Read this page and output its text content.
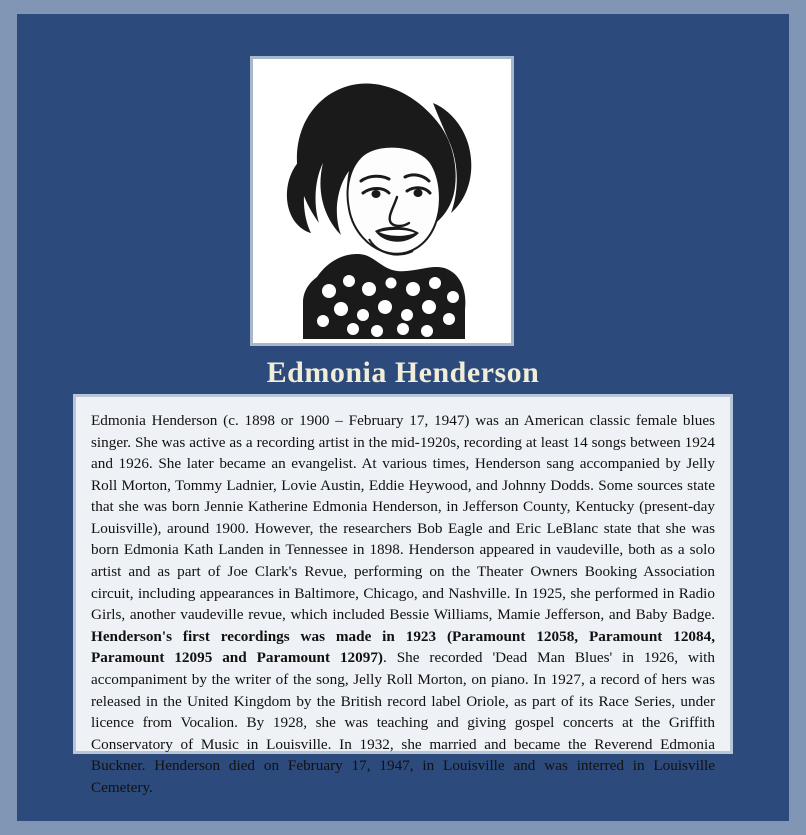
Edmonia Henderson

Edmonia Henderson (c. 1898 or 1900 – February 17, 1947) was an American classic female blues singer. She was active as a recording artist in the mid-1920s, recording at least 14 songs between 1924 and 1926. She later became an evangelist. At various times, Henderson sang accompanied by Jelly Roll Morton, Tommy Ladnier, Lovie Austin, Eddie Heywood, and Johnny Dodds. Some sources state that she was born Jennie Katherine Edmonia Henderson, in Jefferson County, Kentucky (present-day Louisville), around 1900. However, the researchers Bob Eagle and Eric LeBlanc state that she was born Edmonia Kath Landen in Tennessee in 1898. Henderson appeared in vaudeville, both as a solo artist and as part of Joe Clark's Revue, performing on the Theater Owners Booking Association circuit, including appearances in Baltimore, Chicago, and Nashville. In 1925, she performed in Radio Girls, another vaudeville revue, which included Bessie Williams, Mamie Jefferson, and Baby Badge. Henderson's first recordings was made in 1923 (Paramount 12058, Paramount 12084, Paramount 12095 and Paramount 12097). She recorded 'Dead Man Blues' in 1926, with accompaniment by the writer of the song, Jelly Roll Morton, on piano. In 1927, a record of hers was released in the United Kingdom by the British record label Oriole, as part of its Race Series, under licence from Vocalion. By 1928, she was teaching and giving gospel concerts at the Griffith Conservatory of Music in Louisville. In 1932, she married and became the Reverend Edmonia Buckner. Henderson died on February 17, 1947, in Louisville and was interred in Louisville Cemetery.
